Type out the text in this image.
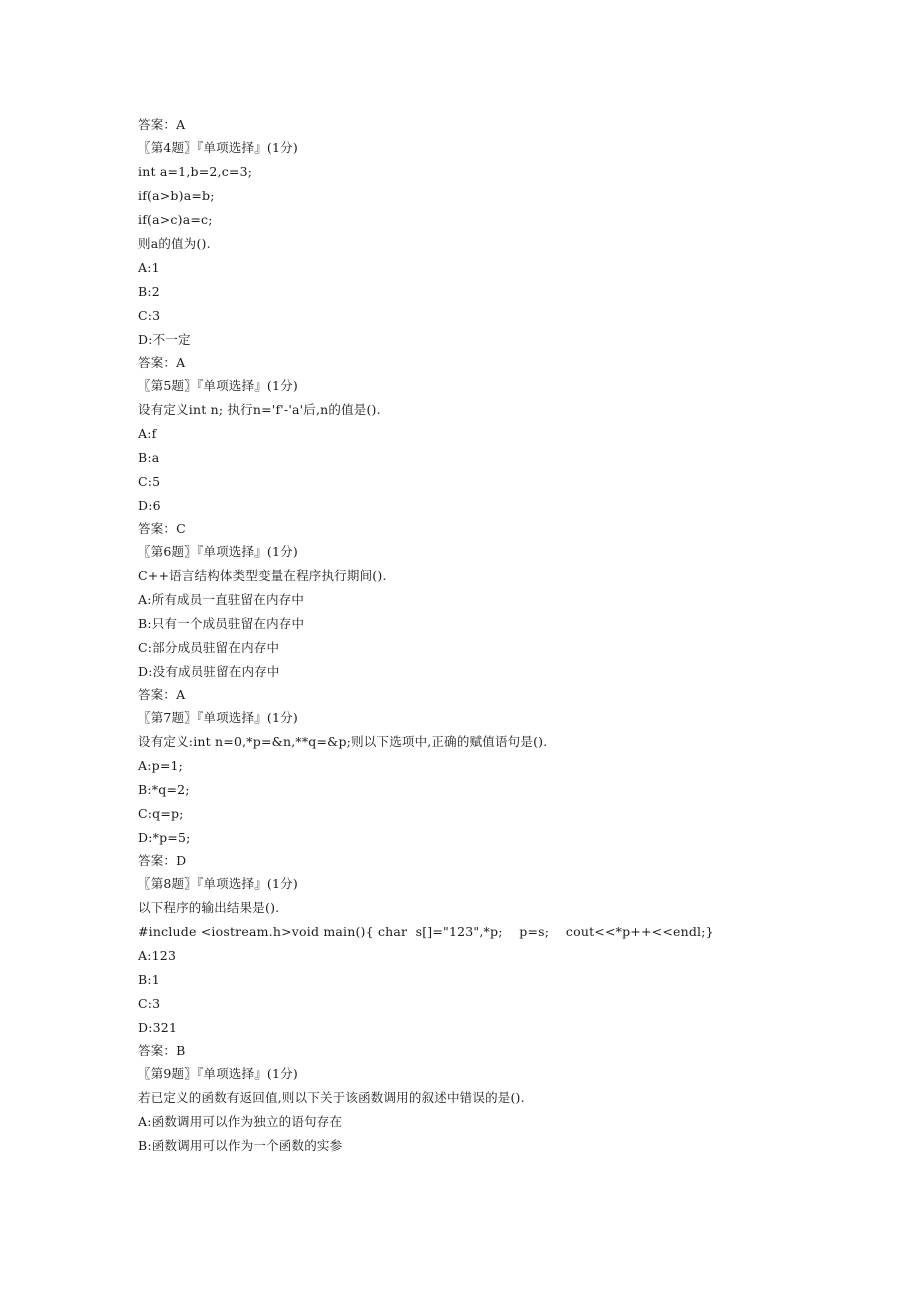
答案：A
〖第4题〗『单项选择』(1分)
int a=1,b=2,c=3;
if(a>b)a=b;
if(a>c)a=c;
则a的值为().
A:1
B:2
C:3
D:不一定
答案：A
〖第5题〗『单项选择』(1分)
设有定义int n; 执行n='f'-'a'后,n的值是().
A:f
B:a
C:5
D:6
答案：C
〖第6题〗『单项选择』(1分)
C++语言结构体类型变量在程序执行期间().
A:所有成员一直驻留在内存中
B:只有一个成员驻留在内存中
C:部分成员驻留在内存中
D:没有成员驻留在内存中
答案：A
〖第7题〗『单项选择』(1分)
设有定义:int n=0,*p=&n,**q=&p;则以下选项中,正确的赋值语句是().
A:p=1;
B:*q=2;
C:q=p;
D:*p=5;
答案：D
〖第8题〗『单项选择』(1分)
以下程序的输出结果是().
#include <iostream.h>void main(){ char  s[]="123",*p;    p=s;    cout<<*p++<<endl;}
A:123
B:1
C:3
D:321
答案：B
〖第9题〗『单项选择』(1分)
若已定义的函数有返回值,则以下关于该函数调用的叙述中错误的是().
A:函数调用可以作为独立的语句存在
B:函数调用可以作为一个函数的实参
